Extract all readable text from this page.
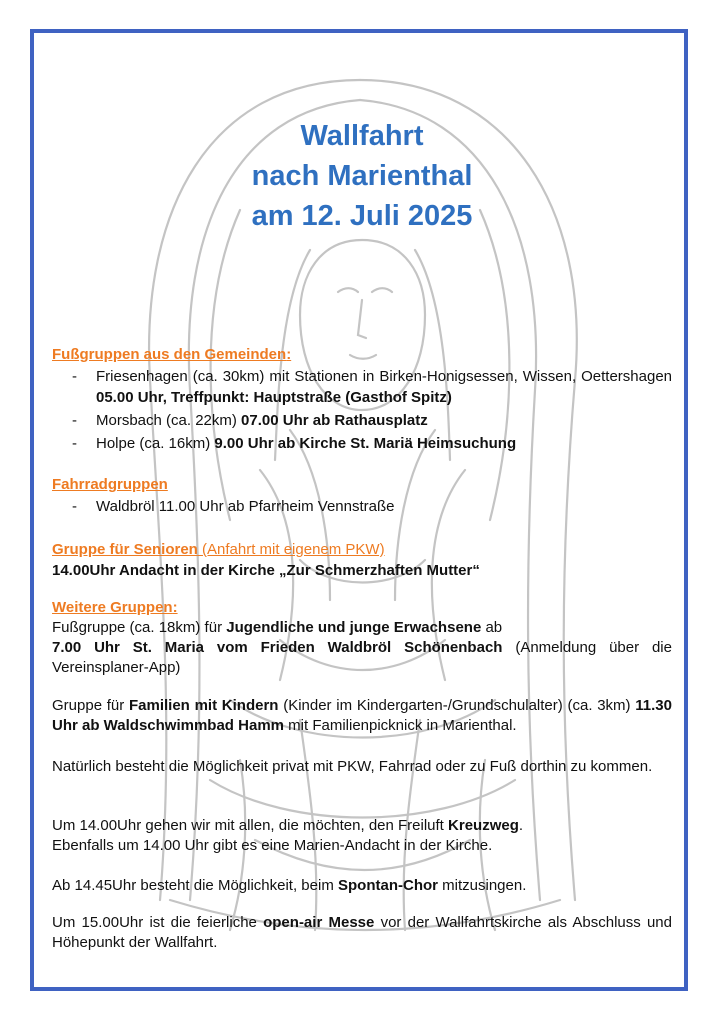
Wallfahrt
nach Marienthal
am 12. Juli 2025
Fußgruppen aus den Gemeinden:
- Friesenhagen (ca. 30km) mit Stationen in Birken-Honigsessen, Wissen, Oettershagen 05.00 Uhr, Treffpunkt: Hauptstraße (Gasthof Spitz)
- Morsbach (ca. 22km) 07.00 Uhr ab Rathausplatz
- Holpe (ca. 16km) 9.00 Uhr ab Kirche St. Mariä Heimsuchung
Fahrradgruppen
- Waldbröl 11.00 Uhr ab Pfarrheim Vennstraße
Gruppe für Senioren (Anfahrt mit eigenem PKW)
14.00Uhr Andacht in der Kirche „Zur Schmerzhaften Mutter“
Weitere Gruppen:
Fußgruppe (ca. 18km) für Jugendliche und junge Erwachsene ab
7.00 Uhr St. Maria vom Frieden Waldbröl Schönenbach (Anmeldung über die Vereinsplaner-App)
Gruppe für Familien mit Kindern (Kinder im Kindergarten-/Grundschulalter) (ca. 3km) 11.30 Uhr ab Waldschwimmbad Hamm mit Familienpicknick in Marienthal.
Natürlich besteht die Möglichkeit privat mit PKW, Fahrrad oder zu Fuß dorthin zu kommen.
Um 14.00Uhr gehen wir mit allen, die möchten, den Freiluft Kreuzweg.
Ebenfalls um 14.00 Uhr gibt es eine Marien-Andacht in der Kirche.
Ab 14.45Uhr besteht die Möglichkeit, beim Spontan-Chor mitzusingen.
Um 15.00Uhr ist die feierliche open-air Messe vor der Wallfahrtskirche als Abschluss und Höhepunkt der Wallfahrt.
